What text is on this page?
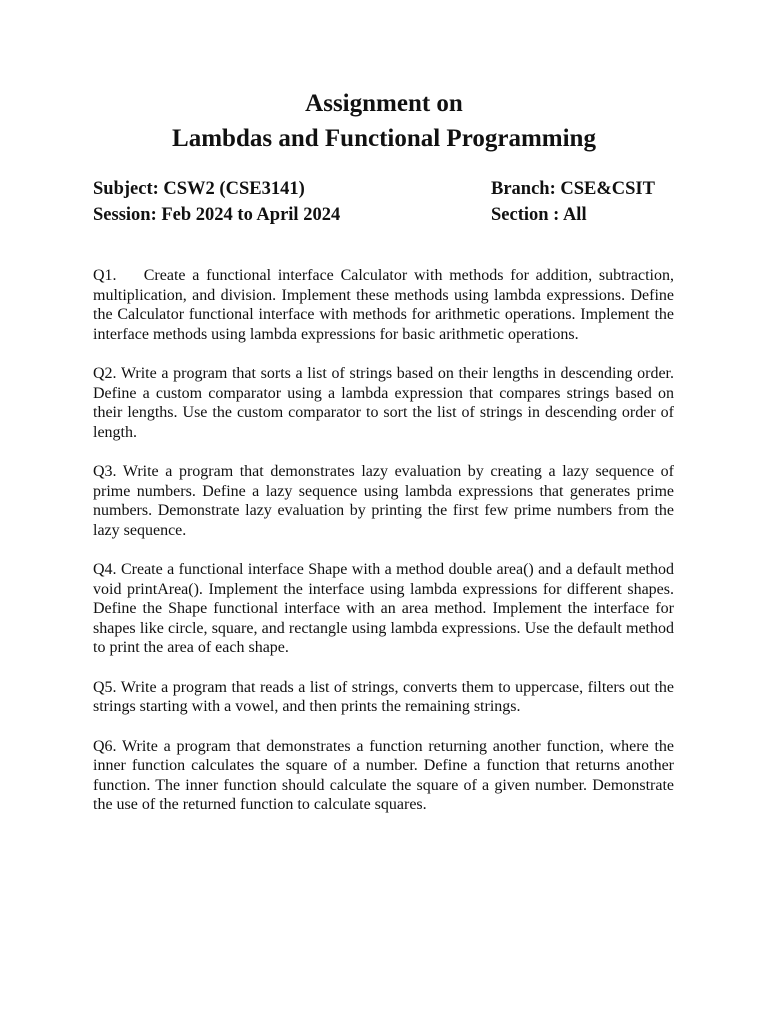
Assignment on
Lambdas and Functional Programming
Subject: CSW2 (CSE3141)	Branch: CSE&CSIT
Session: Feb 2024 to April 2024	Section : All

Q1. Create a functional interface Calculator with methods for addition, subtraction, multiplication, and division. Implement these methods using lambda expressions. Define the Calculator functional interface with methods for arithmetic operations. Implement the interface methods using lambda expressions for basic arithmetic operations.

Q2. Write a program that sorts a list of strings based on their lengths in descending order. Define a custom comparator using a lambda expression that compares strings based on their lengths. Use the custom comparator to sort the list of strings in descending order of length.

Q3. Write a program that demonstrates lazy evaluation by creating a lazy sequence of prime numbers. Define a lazy sequence using lambda expressions that generates prime numbers. Demonstrate lazy evaluation by printing the first few prime numbers from the lazy sequence.

Q4. Create a functional interface Shape with a method double area() and a default method void printArea(). Implement the interface using lambda expressions for different shapes. Define the Shape functional interface with an area method. Implement the interface for shapes like circle, square, and rectangle using lambda expressions. Use the default method to print the area of each shape.

Q5. Write a program that reads a list of strings, converts them to uppercase, filters out the strings starting with a vowel, and then prints the remaining strings.

Q6. Write a program that demonstrates a function returning another function, where the inner function calculates the square of a number. Define a function that returns another function. The inner function should calculate the square of a given number. Demonstrate the use of the returned function to calculate squares.
